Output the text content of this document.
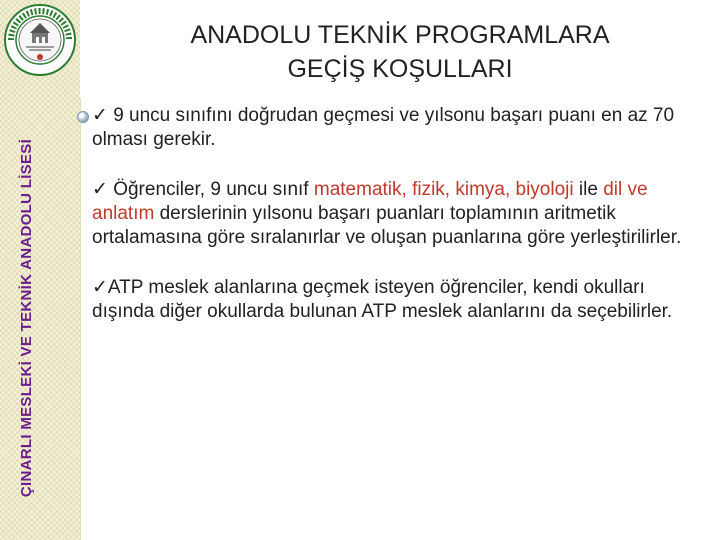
ÇINARLI MESLEKİ VE TEKNİK ANADOLU LİSESİ
ANADOLU TEKNİK PROGRAMLARA
GEÇİŞ KOŞULLARI

✓ 9 uncu sınıfını doğrudan geçmesi ve yılsonu başarı puanı en az 70 olması gerekir.

✓ Öğrenciler, 9 uncu sınıf matematik, fizik, kimya, biyoloji ile dil ve anlatım derslerinin yılsonu başarı puanları toplamının aritmetik ortalamasına göre sıralanırlar ve oluşan puanlarına göre yerleştirilirler.

✓ATP meslek alanlarına geçmek isteyen öğrenciler, kendi okulları dışında diğer okullarda bulunan ATP meslek alanlarını da seçebilirler.
